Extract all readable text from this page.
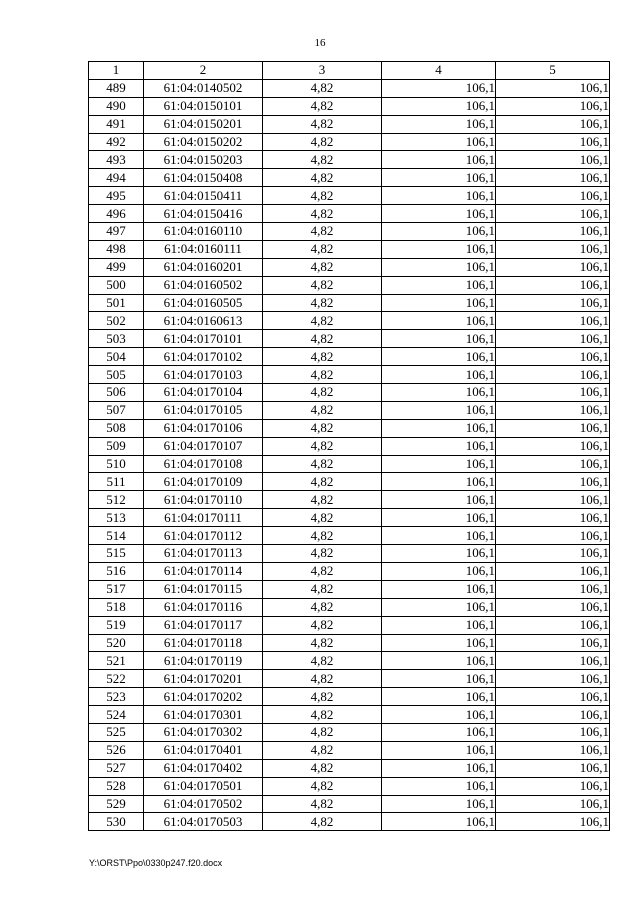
16
1	2	3	4	5
489	61:04:0140502	4,82	106,1	106,1
490	61:04:0150101	4,82	106,1	106,1
491	61:04:0150201	4,82	106,1	106,1
492	61:04:0150202	4,82	106,1	106,1
493	61:04:0150203	4,82	106,1	106,1
494	61:04:0150408	4,82	106,1	106,1
495	61:04:0150411	4,82	106,1	106,1
496	61:04:0150416	4,82	106,1	106,1
497	61:04:0160110	4,82	106,1	106,1
498	61:04:0160111	4,82	106,1	106,1
499	61:04:0160201	4,82	106,1	106,1
500	61:04:0160502	4,82	106,1	106,1
501	61:04:0160505	4,82	106,1	106,1
502	61:04:0160613	4,82	106,1	106,1
503	61:04:0170101	4,82	106,1	106,1
504	61:04:0170102	4,82	106,1	106,1
505	61:04:0170103	4,82	106,1	106,1
506	61:04:0170104	4,82	106,1	106,1
507	61:04:0170105	4,82	106,1	106,1
508	61:04:0170106	4,82	106,1	106,1
509	61:04:0170107	4,82	106,1	106,1
510	61:04:0170108	4,82	106,1	106,1
511	61:04:0170109	4,82	106,1	106,1
512	61:04:0170110	4,82	106,1	106,1
513	61:04:0170111	4,82	106,1	106,1
514	61:04:0170112	4,82	106,1	106,1
515	61:04:0170113	4,82	106,1	106,1
516	61:04:0170114	4,82	106,1	106,1
517	61:04:0170115	4,82	106,1	106,1
518	61:04:0170116	4,82	106,1	106,1
519	61:04:0170117	4,82	106,1	106,1
520	61:04:0170118	4,82	106,1	106,1
521	61:04:0170119	4,82	106,1	106,1
522	61:04:0170201	4,82	106,1	106,1
523	61:04:0170202	4,82	106,1	106,1
524	61:04:0170301	4,82	106,1	106,1
525	61:04:0170302	4,82	106,1	106,1
526	61:04:0170401	4,82	106,1	106,1
527	61:04:0170402	4,82	106,1	106,1
528	61:04:0170501	4,82	106,1	106,1
529	61:04:0170502	4,82	106,1	106,1
530	61:04:0170503	4,82	106,1	106,1
Y:\ORST\Ppo\0330p247.f20.docx
